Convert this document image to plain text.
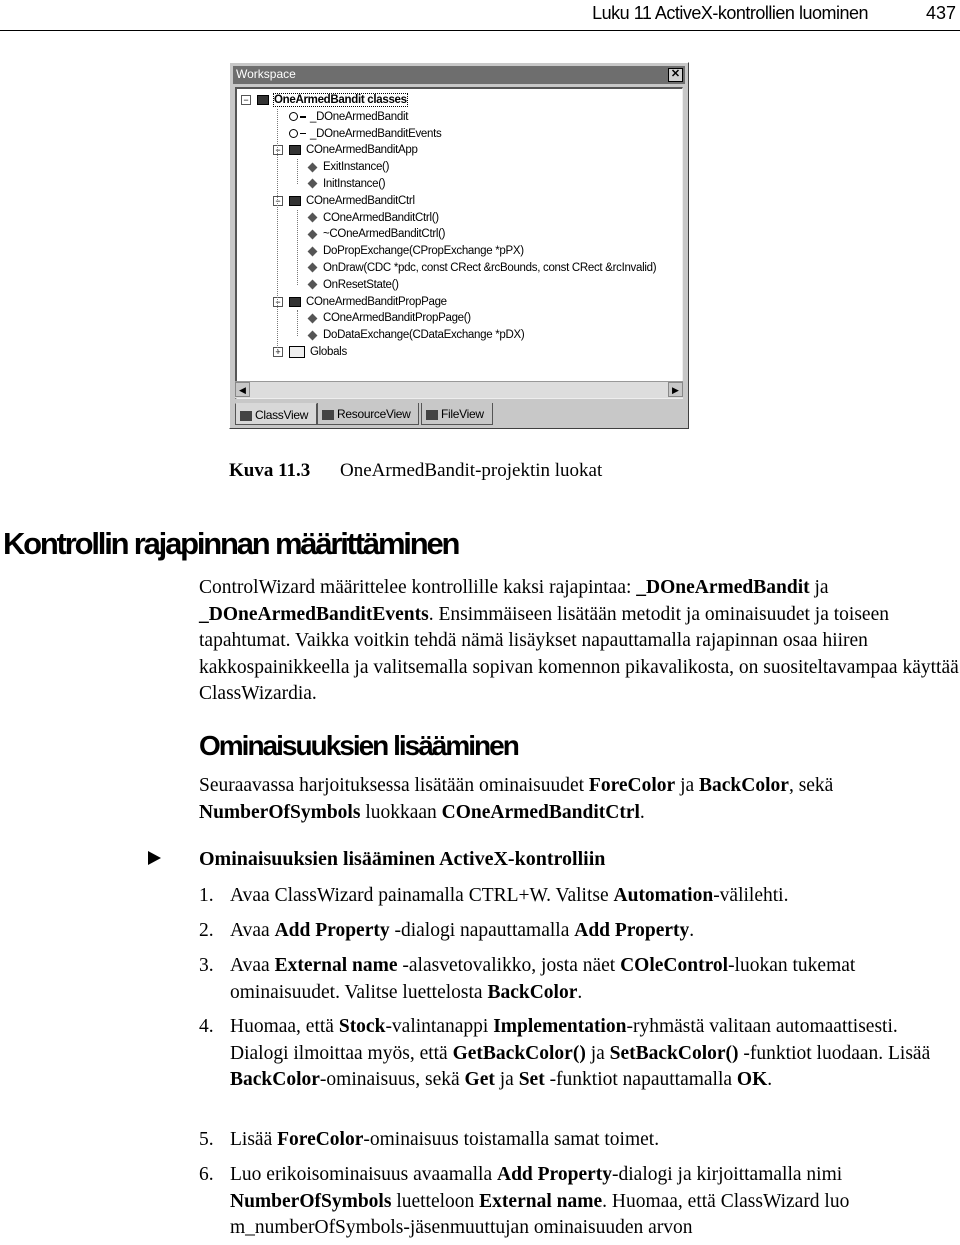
Luku 11 ActiveX-kontrollien luominen	437
Workspace	✕
OneArmedBandit classes
−
_DOneArmedBandit
_DOneArmedBanditEvents
COneArmedBanditApp
−
ExitInstance()
InitInstance()
COneArmedBanditCtrl
−
COneArmedBanditCtrl()
~COneArmedBanditCtrl()
DoPropExchange(CPropExchange *pPX)
OnDraw(CDC *pdc, const CRect &rcBounds, const CRect &rcInvalid)
OnResetState()
COneArmedBanditPropPage
−
COneArmedBanditPropPage()
DoDataExchange(CDataExchange *pDX)
Globals
+
◀	▶
ClassView	ResourceView	FileView
Kuva 11.3 OneArmedBandit-projektin luokat
Kontrollin rajapinnan määrittäminen
ControlWizard määrittelee kontrollille kaksi rajapintaa: _DOneArmedBandit ja _DOneArmedBanditEvents. Ensimmäiseen lisätään metodit ja ominaisuudet ja toiseen tapahtumat. Vaikka voitkin tehdä nämä lisäykset napauttamalla rajapinnan osaa hiiren kakkospainikkeella ja valitsemalla sopivan komennon pikavalikosta, on suositeltavampaa käyttää ClassWizardia.
Ominaisuuksien lisääminen
Seuraavassa harjoituksessa lisätään ominaisuudet ForeColor ja BackColor, sekä NumberOfSymbols luokkaan COneArmedBanditCtrl.
Ominaisuuksien lisääminen ActiveX-kontrolliin
1. Avaa ClassWizard painamalla CTRL+W. Valitse Automation-välilehti.
2. Avaa Add Property -dialogi napauttamalla Add Property.
3. Avaa External name -alasvetovalikko, josta näet COleControl-luokan tukemat ominaisuudet. Valitse luettelosta BackColor.
4. Huomaa, että Stock-valintanappi Implementation-ryhmästä valitaan automaattisesti. Dialogi ilmoittaa myös, että GetBackColor() ja SetBackColor() -funktiot luodaan. Lisää BackColor-ominaisuus, sekä Get ja Set -funktiot napauttamalla OK.
5. Lisää ForeColor-ominaisuus toistamalla samat toimet.
6. Luo erikoisominaisuus avaamalla Add Property-dialogi ja kirjoittamalla nimi NumberOfSymbols luetteloon External name. Huomaa, että ClassWizard luo m_numberOfSymbols-jäsenmuuttujan ominaisuuden arvon
